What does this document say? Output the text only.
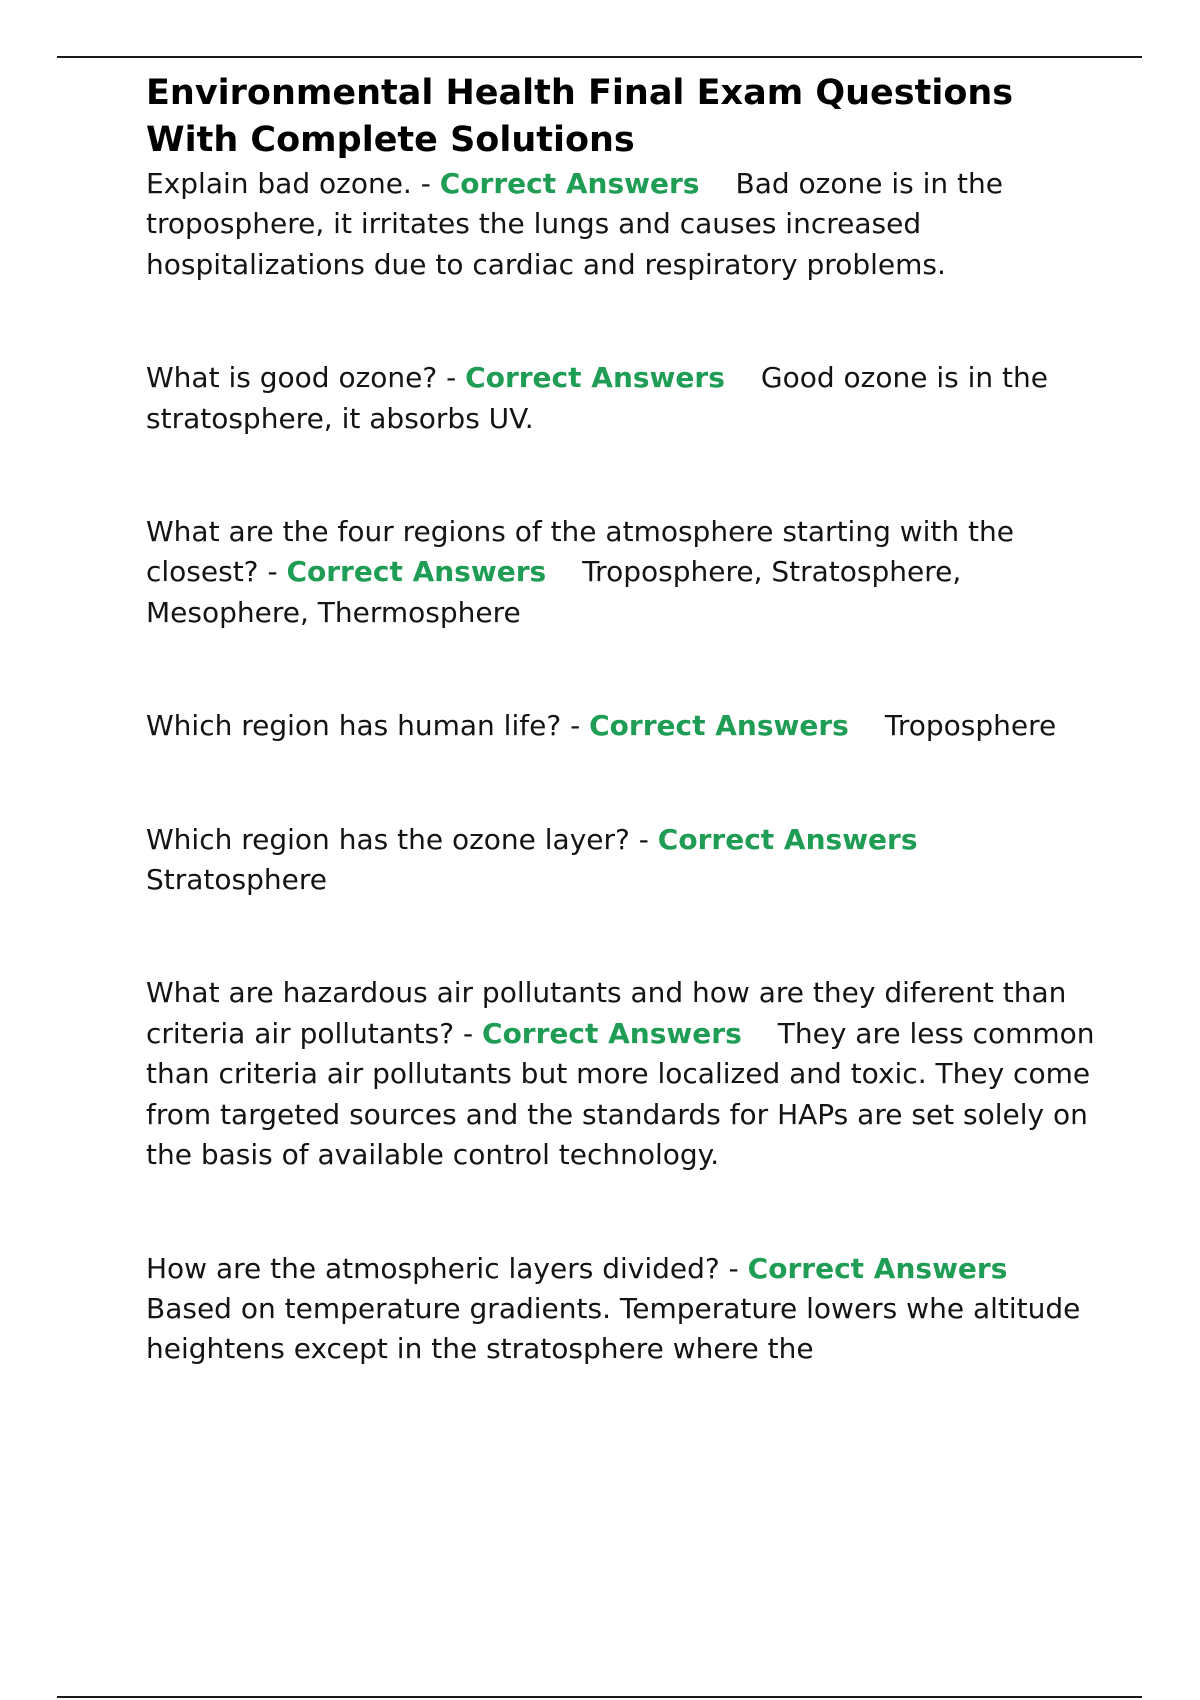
Environmental Health Final Exam Questions With Complete Solutions

Explain bad ozone. - Correct Answers Bad ozone is in the troposphere, it irritates the lungs and causes increased hospitalizations due to cardiac and respiratory problems.

What is good ozone? - Correct Answers Good ozone is in the stratosphere, it absorbs UV.

What are the four regions of the atmosphere starting with the closest? - Correct Answers Troposphere, Stratosphere, Mesophere, Thermosphere

Which region has human life? - Correct Answers Troposphere

Which region has the ozone layer? - Correct AnswersStratosphere

What are hazardous air pollutants and how are they diferent than criteria air pollutants? - Correct Answers They are less common than criteria air pollutants but more localized and toxic. They come from targeted sources and the standards for HAPs are set solely on the basis of available control technology.

How are the atmospheric layers divided? - Correct AnswersBased on temperature gradients. Temperature lowers whe altitude heightens except in the stratosphere where the
